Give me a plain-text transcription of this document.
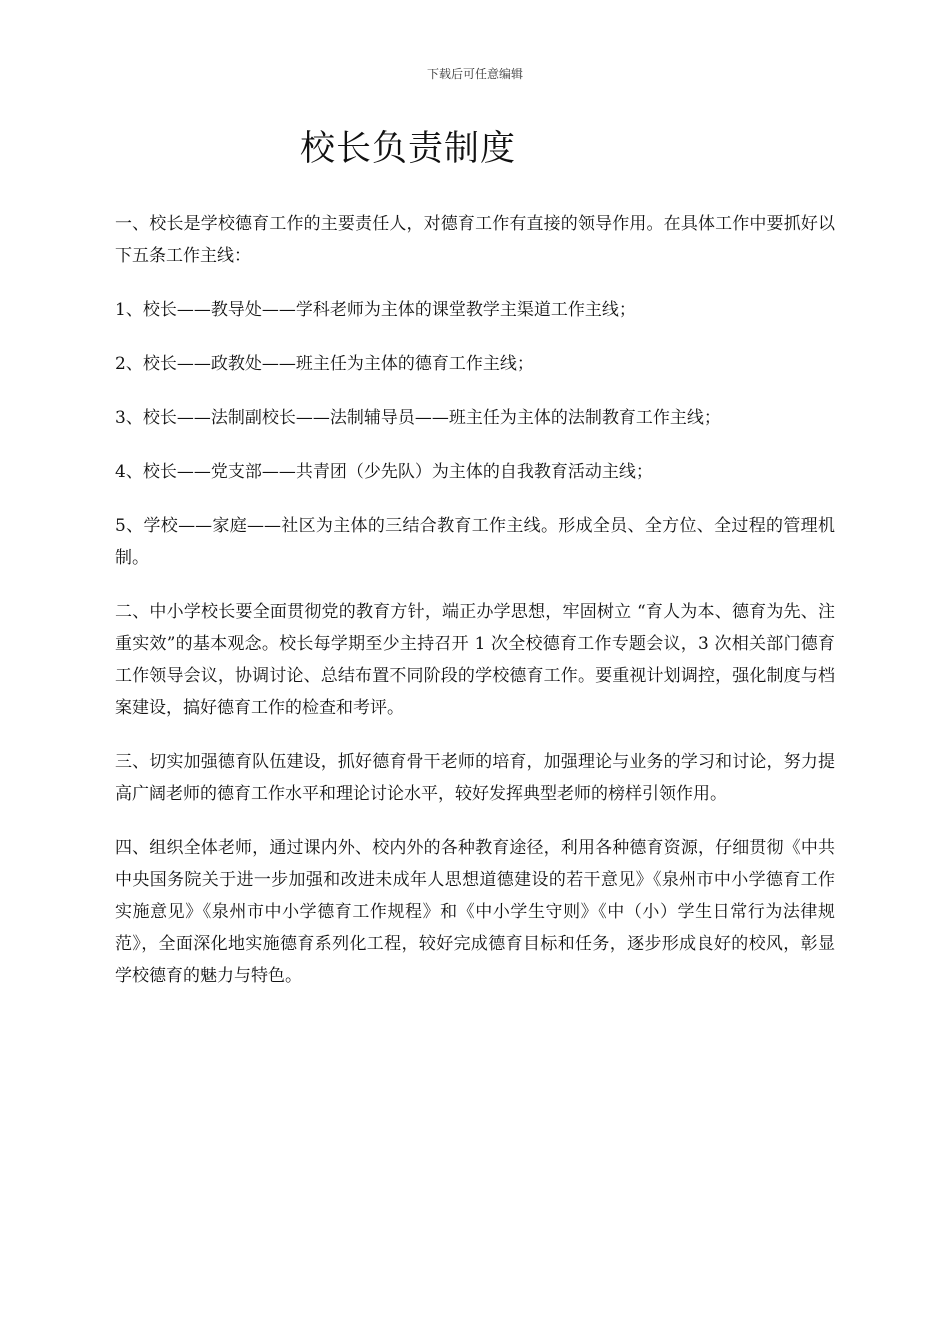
下载后可任意编辑
校长负责制度

一、校长是学校德育工作的主要责任人，对德育工作有直接的领导作用。在具体工作中要抓好以下五条工作主线：

1、校长——教导处——学科老师为主体的课堂教学主渠道工作主线；

2、校长——政教处——班主任为主体的德育工作主线；

3、校长——法制副校长——法制辅导员——班主任为主体的法制教育工作主线；

4、校长——党支部——共青团（少先队）为主体的自我教育活动主线；

5、学校——家庭——社区为主体的三结合教育工作主线。形成全员、全方位、全过程的管理机制。

二、中小学校长要全面贯彻党的教育方针，端正办学思想，牢固树立 “育人为本、德育为先、注重实效”的基本观念。校长每学期至少主持召开 1 次全校德育工作专题会议，3 次相关部门德育工作领导会议，协调讨论、总结布置不同阶段的学校德育工作。要重视计划调控，强化制度与档案建设，搞好德育工作的检查和考评。

三、切实加强德育队伍建设，抓好德育骨干老师的培育，加强理论与业务的学习和讨论，努力提高广阔老师的德育工作水平和理论讨论水平，较好发挥典型老师的榜样引领作用。

四、组织全体老师，通过课内外、校内外的各种教育途径，利用各种德育资源，仔细贯彻《中共中央国务院关于进一步加强和改进未成年人思想道德建设的若干意见》《泉州市中小学德育工作实施意见》《泉州市中小学德育工作规程》和《中小学生守则》《中（小）学生日常行为法律规范》，全面深化地实施德育系列化工程，较好完成德育目标和任务，逐步形成良好的校风，彰显学校德育的魅力与特色。
